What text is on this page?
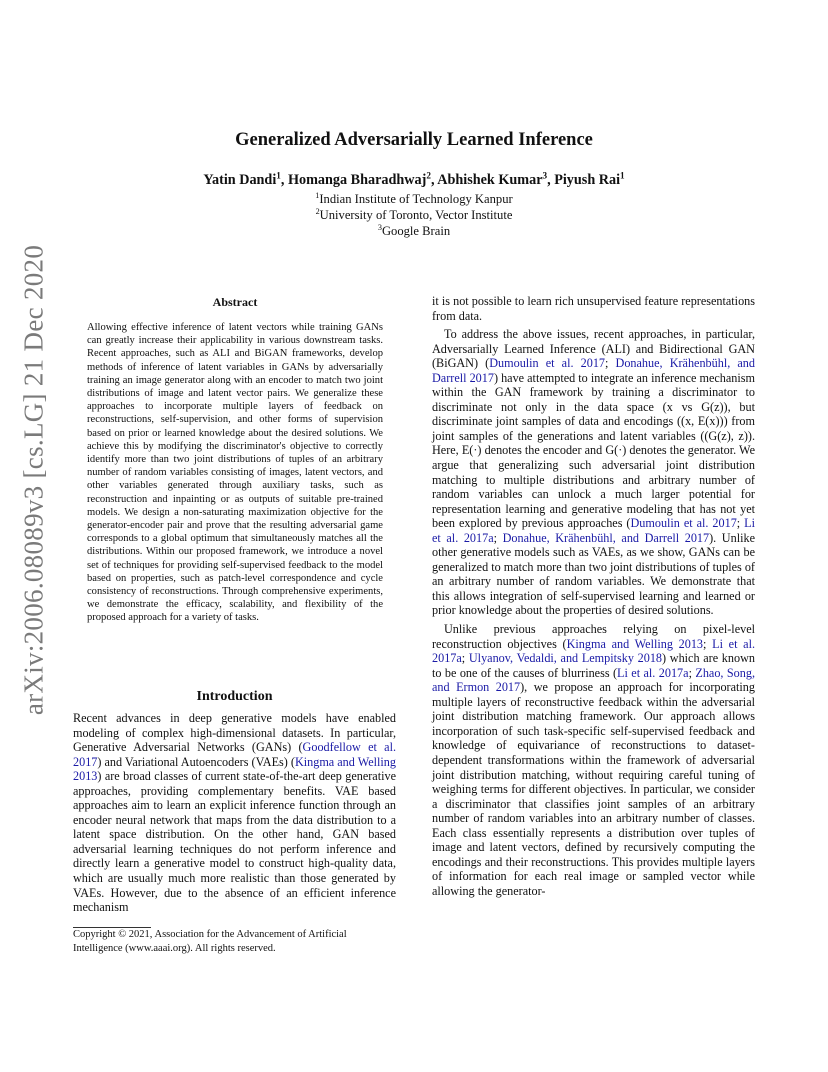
arXiv:2006.08089v3 [cs.LG] 21 Dec 2020
Generalized Adversarially Learned Inference
Yatin Dandi$^1$, Homanga Bharadhwaj$^2$, Abhishek Kumar$^3$, Piyush Rai$^1$
$^1$Indian Institute of Technology Kanpur
$^2$University of Toronto, Vector Institute
$^3$Google Brain
Abstract

Allowing effective inference of latent vectors while training GANs can greatly increase their applicability in various downstream tasks. Recent approaches, such as ALI and BiGAN frameworks, develop methods of inference of latent variables in GANs by adversarially training an image generator along with an encoder to match two joint distributions of image and latent vector pairs. We generalize these approaches to incorporate multiple layers of feedback on reconstructions, self-supervision, and other forms of supervision based on prior or learned knowledge about the desired solutions. We achieve this by modifying the discriminator's objective to correctly identify more than two joint distributions of tuples of an arbitrary number of random variables consisting of images, latent vectors, and other variables generated through auxiliary tasks, such as reconstruction and inpainting or as outputs of suitable pre-trained models. We design a non-saturating maximization objective for the generator-encoder pair and prove that the resulting adversarial game corresponds to a global optimum that simultaneously matches all the distributions. Within our proposed framework, we introduce a novel set of techniques for providing self-supervised feedback to the model based on properties, such as patch-level correspondence and cycle consistency of reconstructions. Through comprehensive experiments, we demonstrate the efficacy, scalability, and flexibility of the proposed approach for a variety of tasks.

Introduction

Recent advances in deep generative models have enabled modeling of complex high-dimensional datasets. In particular, Generative Adversarial Networks (GANs) (Goodfellow et al. 2017) and Variational Autoencoders (VAEs) (Kingma and Welling 2013) are broad classes of current state-of-the-art deep generative approaches, providing complementary benefits. VAE based approaches aim to learn an explicit inference function through an encoder neural network that maps from the data distribution to a latent space distribution. On the other hand, GAN based adversarial learning techniques do not perform inference and directly learn a generative model to construct high-quality data, which are usually much more realistic than those generated by VAEs. However, due to the absence of an efficient inference mechanism

Copyright © 2021, Association for the Advancement of Artificial Intelligence (www.aaai.org). All rights reserved.

it is not possible to learn rich unsupervised feature representations from data.

To address the above issues, recent approaches, in particular, Adversarially Learned Inference (ALI) and Bidirectional GAN (BiGAN) (Dumoulin et al. 2017; Donahue, Krähenbühl, and Darrell 2017) have attempted to integrate an inference mechanism within the GAN framework by training a discriminator to discriminate not only in the data space (x vs G(z)), but discriminate joint samples of data and encodings ((x, E(x))) from joint samples of the generations and latent variables ((G(z), z)). Here, E(·) denotes the encoder and G(·) denotes the generator. We argue that generalizing such adversarial joint distribution matching to multiple distributions and arbitrary number of random variables can unlock a much larger potential for representation learning and generative modeling that has not yet been explored by previous approaches (Dumoulin et al. 2017; Li et al. 2017a; Donahue, Krähenbühl, and Darrell 2017). Unlike other generative models such as VAEs, as we show, GANs can be generalized to match more than two joint distributions of tuples of an arbitrary number of random variables. We demonstrate that this allows integration of self-supervised learning and learned or prior knowledge about the properties of desired solutions.

Unlike previous approaches relying on pixel-level reconstruction objectives (Kingma and Welling 2013; Li et al. 2017a; Ulyanov, Vedaldi, and Lempitsky 2018) which are known to be one of the causes of blurriness (Li et al. 2017a; Zhao, Song, and Ermon 2017), we propose an approach for incorporating multiple layers of reconstructive feedback within the adversarial joint distribution matching framework. Our approach allows incorporation of such task-specific self-supervised feedback and knowledge of equivariance of reconstructions to dataset-dependent transformations within the framework of adversarial joint distribution matching, without requiring careful tuning of weighing terms for different objectives. In particular, we consider a discriminator that classifies joint samples of an arbitrary number of random variables into an arbitrary number of classes. Each class essentially represents a distribution over tuples of image and latent vectors, defined by recursively computing the encodings and their reconstructions. This provides multiple layers of information for each real image or sampled vector while allowing the generator-
